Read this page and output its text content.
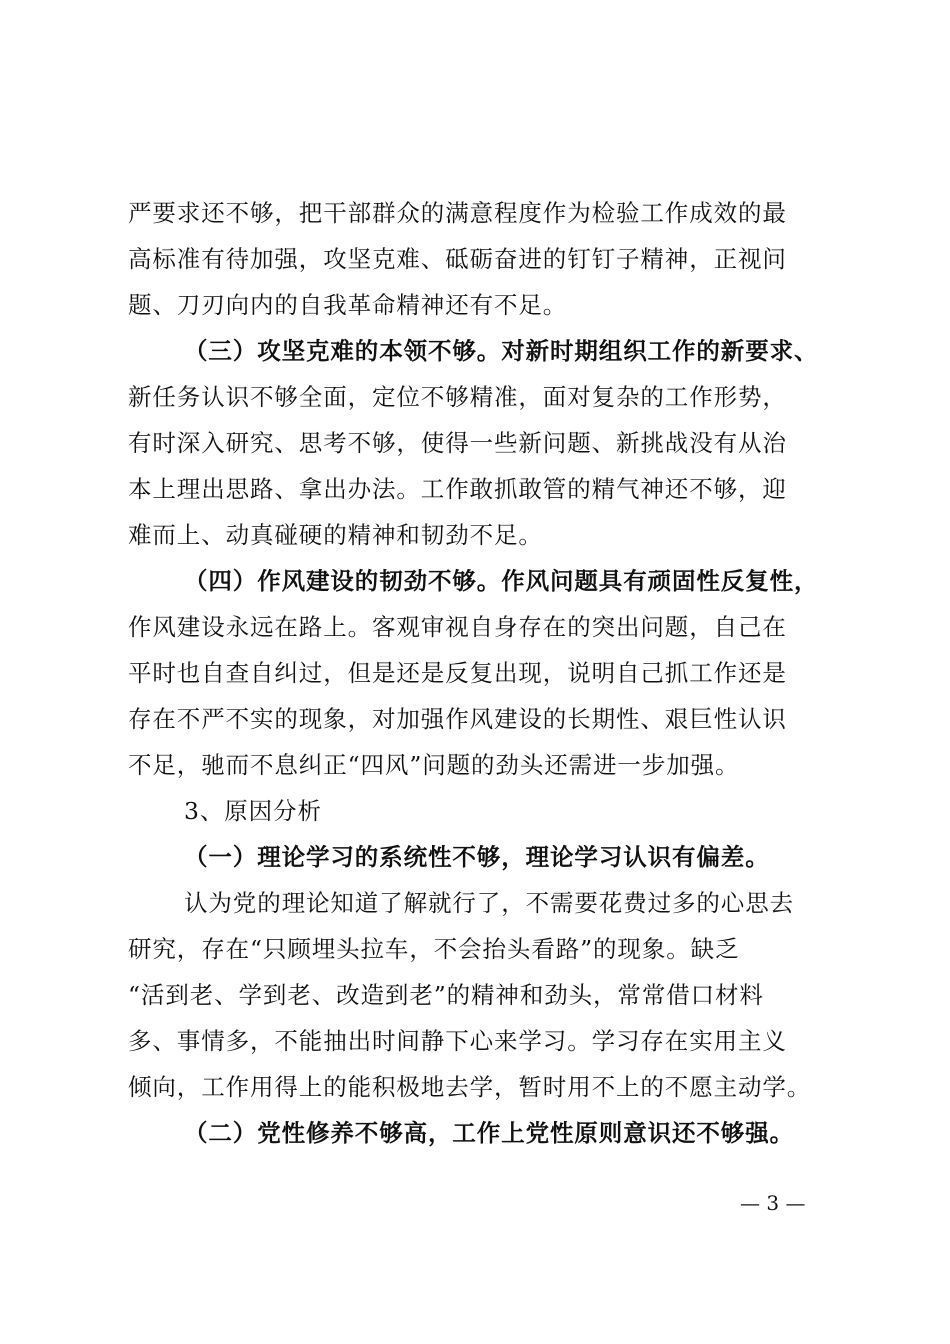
严要求还不够，把干部群众的满意程度作为检验工作成效的最
高标准有待加强，攻坚克难、砥砺奋进的钉钉子精神，正视问
题、刀刃向内的自我革命精神还有不足。
（三）攻坚克难的本领不够。对新时期组织工作的新要求、
新任务认识不够全面，定位不够精准，面对复杂的工作形势，
有时深入研究、思考不够，使得一些新问题、新挑战没有从治
本上理出思路、拿出办法。工作敢抓敢管的精气神还不够，迎
难而上、动真碰硬的精神和韧劲不足。
（四）作风建设的韧劲不够。作风问题具有顽固性反复性，
作风建设永远在路上。客观审视自身存在的突出问题，自己在
平时也自查自纠过，但是还是反复出现，说明自己抓工作还是
存在不严不实的现象，对加强作风建设的长期性、艰巨性认识
不足，驰而不息纠正“四风”问题的劲头还需进一步加强。
3、原因分析
（一）理论学习的系统性不够，理论学习认识有偏差。
认为党的理论知道了解就行了，不需要花费过多的心思去
研究，存在“只顾埋头拉车，不会抬头看路”的现象。缺乏
“活到老、学到老、改造到老”的精神和劲头，常常借口材料
多、事情多，不能抽出时间静下心来学习。学习存在实用主义
倾向，工作用得上的能积极地去学，暂时用不上的不愿主动学。
（二）党性修养不够高，工作上党性原则意识还不够强。
— 3 —
